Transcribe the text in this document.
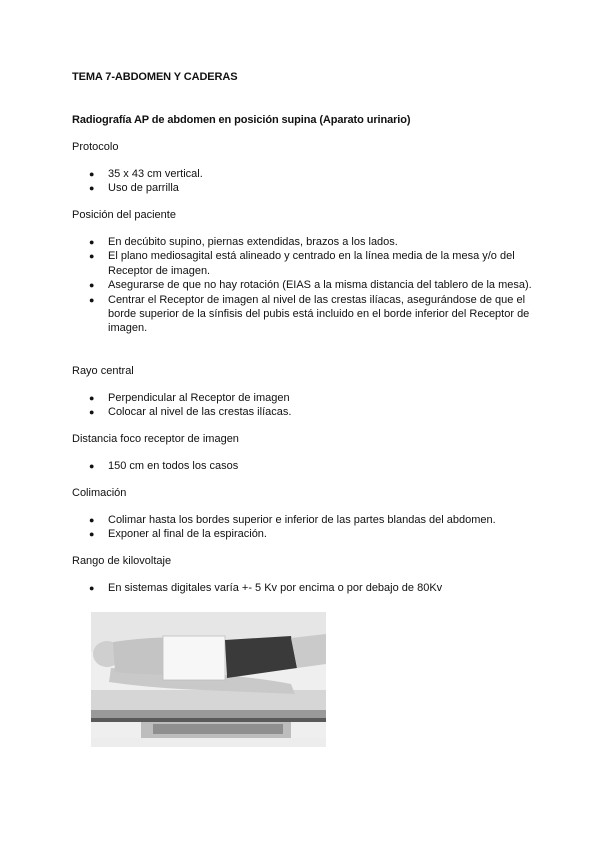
TEMA 7-ABDOMEN Y CADERAS
Radiografía AP de abdomen en posición supina (Aparato urinario)
Protocolo
● 35 x 43 cm vertical.
● Uso de parrilla
Posición del paciente
● En decúbito supino, piernas extendidas, brazos a los lados.
● El plano mediosagital está alineado y centrado en la línea media de la mesa y/o del Receptor de imagen.
● Asegurarse de que no hay rotación (EIAS a la misma distancia del tablero de la mesa).
● Centrar el Receptor de imagen al nivel de las crestas ilíacas, asegurándose de que el borde superior de la sínfisis del pubis está incluido en el borde inferior del Receptor de imagen.
Rayo central
● Perpendicular al Receptor de imagen
● Colocar al nivel de las crestas ilíacas.
Distancia foco receptor de imagen
● 150 cm en todos los casos
Colimación
● Colimar hasta los bordes superior e inferior de las partes blandas del abdomen.
● Exponer al final de la espiración.
Rango de kilovoltaje
● En sistemas digitales varía +- 5 Kv por encima o por debajo de 80Kv
